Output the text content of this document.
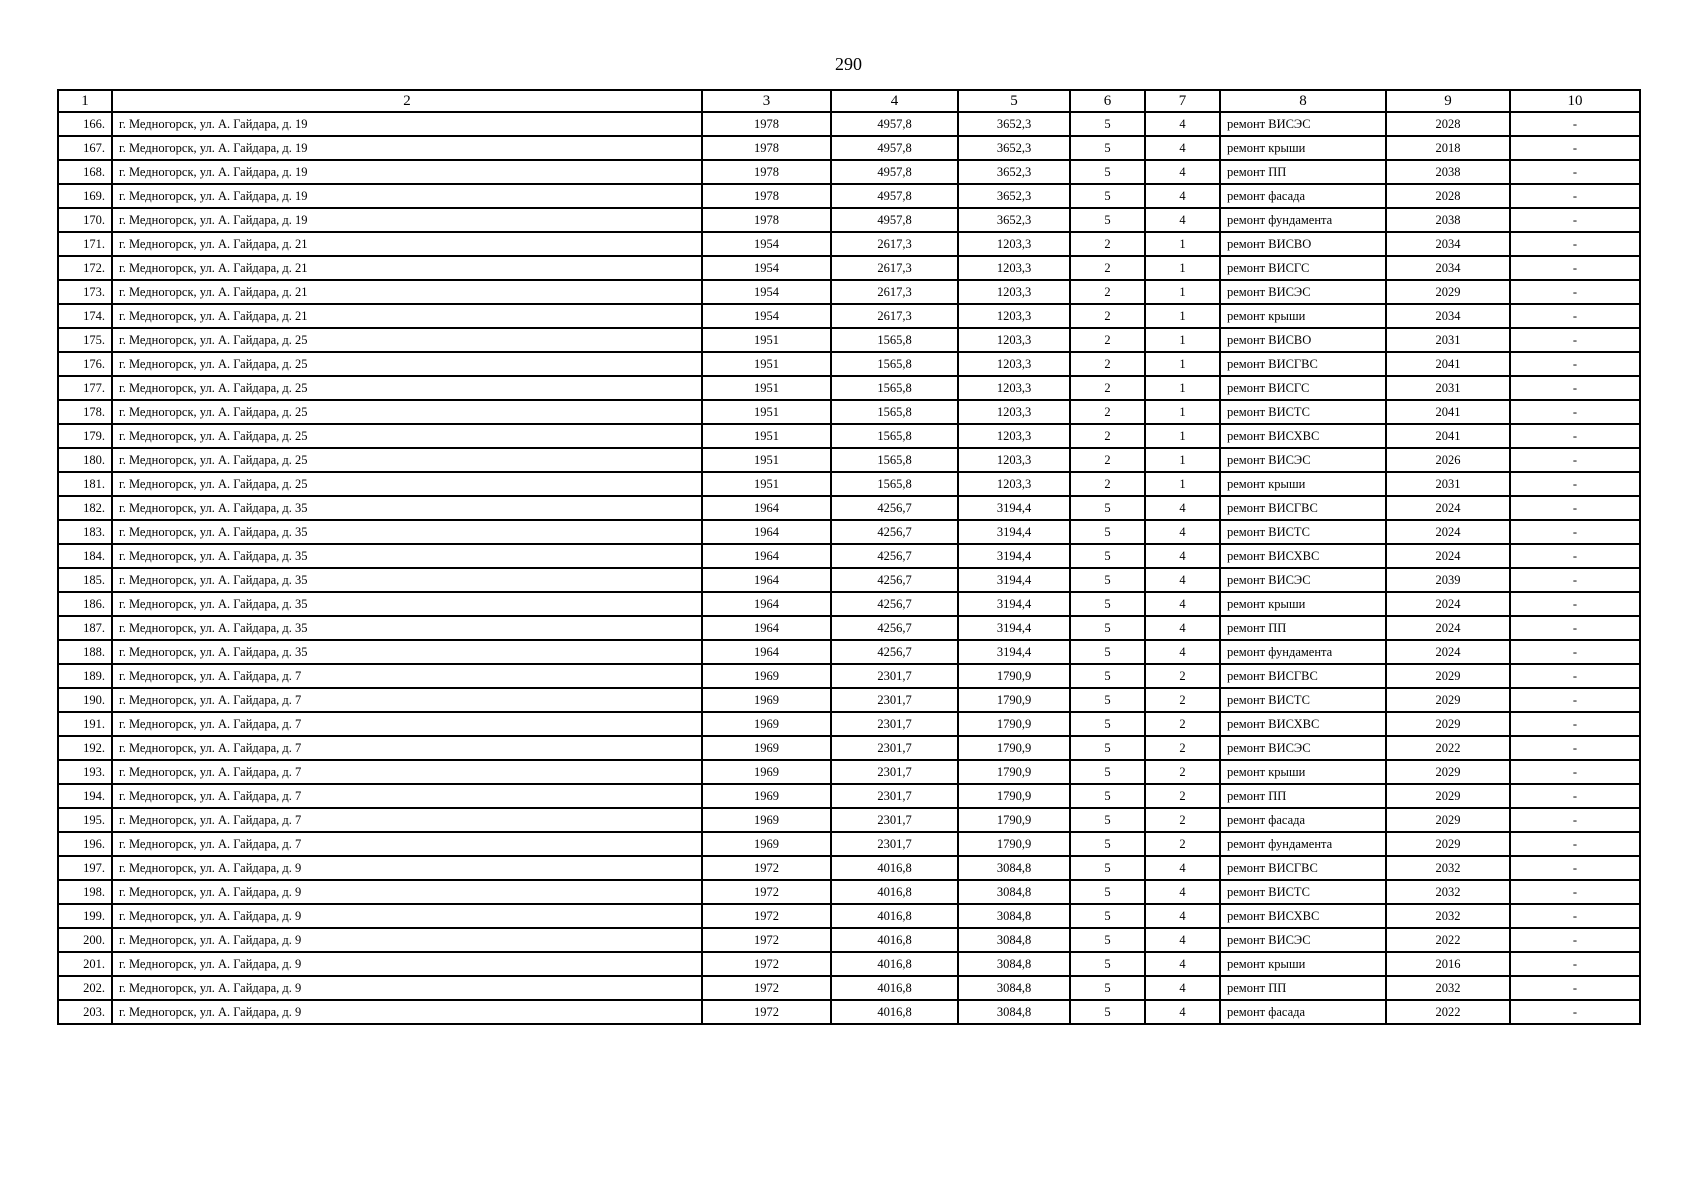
290
1	2	3	4	5	6	7	8	9	10
166.	г. Медногорск, ул. А. Гайдара, д. 19	1978	4957,8	3652,3	5	4	ремонт ВИСЭС	2028	-
167.	г. Медногорск, ул. А. Гайдара, д. 19	1978	4957,8	3652,3	5	4	ремонт крыши	2018	-
168.	г. Медногорск, ул. А. Гайдара, д. 19	1978	4957,8	3652,3	5	4	ремонт ПП	2038	-
169.	г. Медногорск, ул. А. Гайдара, д. 19	1978	4957,8	3652,3	5	4	ремонт фасада	2028	-
170.	г. Медногорск, ул. А. Гайдара, д. 19	1978	4957,8	3652,3	5	4	ремонт фундамента	2038	-
171.	г. Медногорск, ул. А. Гайдара, д. 21	1954	2617,3	1203,3	2	1	ремонт ВИСВО	2034	-
172.	г. Медногорск, ул. А. Гайдара, д. 21	1954	2617,3	1203,3	2	1	ремонт ВИСГС	2034	-
173.	г. Медногорск, ул. А. Гайдара, д. 21	1954	2617,3	1203,3	2	1	ремонт ВИСЭС	2029	-
174.	г. Медногорск, ул. А. Гайдара, д. 21	1954	2617,3	1203,3	2	1	ремонт крыши	2034	-
175.	г. Медногорск, ул. А. Гайдара, д. 25	1951	1565,8	1203,3	2	1	ремонт ВИСВО	2031	-
176.	г. Медногорск, ул. А. Гайдара, д. 25	1951	1565,8	1203,3	2	1	ремонт ВИСГВС	2041	-
177.	г. Медногорск, ул. А. Гайдара, д. 25	1951	1565,8	1203,3	2	1	ремонт ВИСГС	2031	-
178.	г. Медногорск, ул. А. Гайдара, д. 25	1951	1565,8	1203,3	2	1	ремонт ВИСТС	2041	-
179.	г. Медногорск, ул. А. Гайдара, д. 25	1951	1565,8	1203,3	2	1	ремонт ВИСХВС	2041	-
180.	г. Медногорск, ул. А. Гайдара, д. 25	1951	1565,8	1203,3	2	1	ремонт ВИСЭС	2026	-
181.	г. Медногорск, ул. А. Гайдара, д. 25	1951	1565,8	1203,3	2	1	ремонт крыши	2031	-
182.	г. Медногорск, ул. А. Гайдара, д. 35	1964	4256,7	3194,4	5	4	ремонт ВИСГВС	2024	-
183.	г. Медногорск, ул. А. Гайдара, д. 35	1964	4256,7	3194,4	5	4	ремонт ВИСТС	2024	-
184.	г. Медногорск, ул. А. Гайдара, д. 35	1964	4256,7	3194,4	5	4	ремонт ВИСХВС	2024	-
185.	г. Медногорск, ул. А. Гайдара, д. 35	1964	4256,7	3194,4	5	4	ремонт ВИСЭС	2039	-
186.	г. Медногорск, ул. А. Гайдара, д. 35	1964	4256,7	3194,4	5	4	ремонт крыши	2024	-
187.	г. Медногорск, ул. А. Гайдара, д. 35	1964	4256,7	3194,4	5	4	ремонт ПП	2024	-
188.	г. Медногорск, ул. А. Гайдара, д. 35	1964	4256,7	3194,4	5	4	ремонт фундамента	2024	-
189.	г. Медногорск, ул. А. Гайдара, д. 7	1969	2301,7	1790,9	5	2	ремонт ВИСГВС	2029	-
190.	г. Медногорск, ул. А. Гайдара, д. 7	1969	2301,7	1790,9	5	2	ремонт ВИСТС	2029	-
191.	г. Медногорск, ул. А. Гайдара, д. 7	1969	2301,7	1790,9	5	2	ремонт ВИСХВС	2029	-
192.	г. Медногорск, ул. А. Гайдара, д. 7	1969	2301,7	1790,9	5	2	ремонт ВИСЭС	2022	-
193.	г. Медногорск, ул. А. Гайдара, д. 7	1969	2301,7	1790,9	5	2	ремонт крыши	2029	-
194.	г. Медногорск, ул. А. Гайдара, д. 7	1969	2301,7	1790,9	5	2	ремонт ПП	2029	-
195.	г. Медногорск, ул. А. Гайдара, д. 7	1969	2301,7	1790,9	5	2	ремонт фасада	2029	-
196.	г. Медногорск, ул. А. Гайдара, д. 7	1969	2301,7	1790,9	5	2	ремонт фундамента	2029	-
197.	г. Медногорск, ул. А. Гайдара, д. 9	1972	4016,8	3084,8	5	4	ремонт ВИСГВС	2032	-
198.	г. Медногорск, ул. А. Гайдара, д. 9	1972	4016,8	3084,8	5	4	ремонт ВИСТС	2032	-
199.	г. Медногорск, ул. А. Гайдара, д. 9	1972	4016,8	3084,8	5	4	ремонт ВИСХВС	2032	-
200.	г. Медногорск, ул. А. Гайдара, д. 9	1972	4016,8	3084,8	5	4	ремонт ВИСЭС	2022	-
201.	г. Медногорск, ул. А. Гайдара, д. 9	1972	4016,8	3084,8	5	4	ремонт крыши	2016	-
202.	г. Медногорск, ул. А. Гайдара, д. 9	1972	4016,8	3084,8	5	4	ремонт ПП	2032	-
203.	г. Медногорск, ул. А. Гайдара, д. 9	1972	4016,8	3084,8	5	4	ремонт фасада	2022	-
